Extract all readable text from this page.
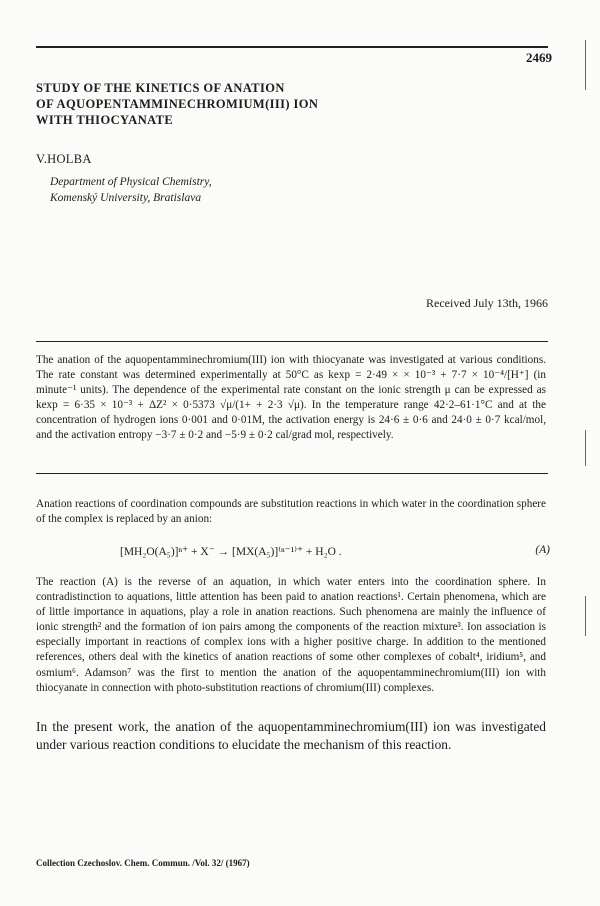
2469
STUDY OF THE KINETICS OF ANATION
OF AQUOPENTAMMINECHROMIUM(III) ION
WITH THIOCYANATE
V.HOLBA
Department of Physical Chemistry,
Komenský University, Bratislava
Received July 13th, 1966
The anation of the aquopentamminechromium(III) ion with thiocyanate was investigated at various conditions. The rate constant was determined experimentally at 50°C as kexp = 2·49 × × 10⁻³ + 7·7 × 10⁻⁴/[H⁺] (in minute⁻¹ units). The dependence of the experimental rate constant on the ionic strength μ can be expressed as kexp = 6·35 × 10⁻³ + ΔZ² × 0·5373 √μ/(1+ + 2·3 √μ). In the temperature range 42·2–61·1°C and at the concentration of hydrogen ions 0·001 and 0·01M, the activation energy is 24·6 ± 0·6 and 24·0 ± 0·7 kcal/mol, and the activation entropy −3·7 ± 0·2 and −5·9 ± 0·2 cal/grad mol, respectively.
Anation reactions of coordination compounds are substitution reactions in which water in the coordination sphere of the complex is replaced by an anion:
[MH₂O(A₅)]ⁿ⁺ + X⁻ → [MX(A₅)]⁽ⁿ⁻¹⁾⁺ + H₂O .	(A)
The reaction (A) is the reverse of an aquation, in which water enters into the coordination sphere. In contradistinction to aquations, little attention has been paid to anation reactions¹. Certain phenomena, which are of little importance in aquations, play a role in anation reactions. Such phenomena are mainly the influence of ionic strength² and the formation of ion pairs among the components of the reaction mixture³. Ion association is especially important in reactions of complex ions with a higher positive charge. In addition to the mentioned references, others deal with the kinetics of anation reactions of some other complexes of cobalt⁴, iridium⁵, and osmium⁶. Adamson⁷ was the first to mention the anation of the aquopentamminechromium(III) ion with thiocyanate in connection with photo-substitution reactions of chromium(III) complexes.
In the present work, the anation of the aquopentamminechromium(III) ion was investigated under various reaction conditions to elucidate the mechanism of this reaction.
Collection Czechoslov. Chem. Commun. /Vol. 32/ (1967)
